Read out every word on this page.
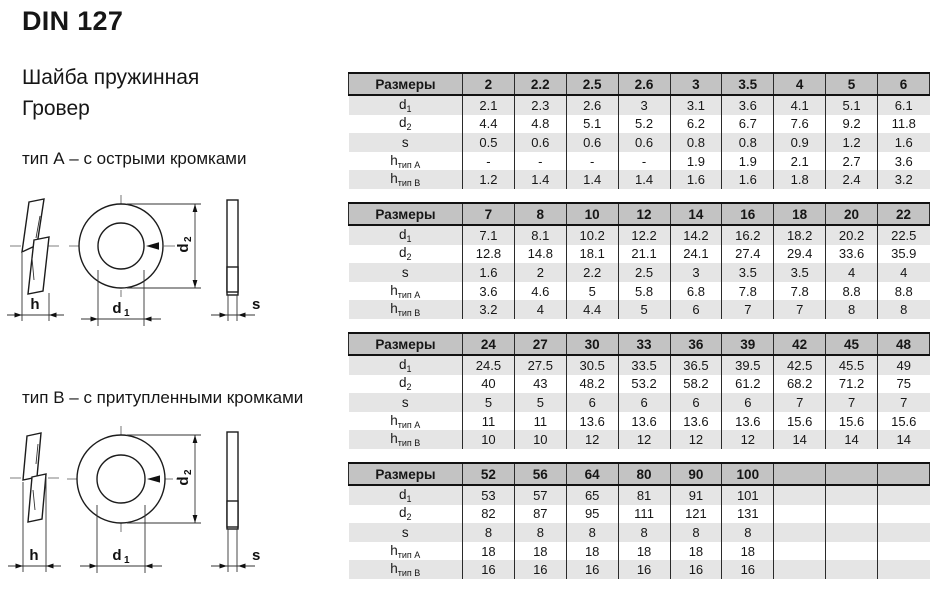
DIN 127
Шайба пружинная
Гровер
тип А – с острыми кромками
h
d
2
d 1
s
тип B – с притупленными кромками
h
d
2
d 1	s
Размеры	2	2.2	2.5	2.6	3	3.5	4	5	6
$d_1$	2.1	2.3	2.6	3	3.1	3.6	4.1	5.1	6.1
$d_2$	4.4	4.8	5.1	5.2	6.2	6.7	7.6	9.2	11.8
s	0.5	0.6	0.6	0.6	0.8	0.8	0.9	1.2	1.6
$h_{тип А}$	-	-	-	-	1.9	1.9	2.1	2.7	3.6
$h_{тип B}$	1.2	1.4	1.4	1.4	1.6	1.6	1.8	2.4	3.2
Размеры	7	8	10	12	14	16	18	20	22
$d_1$	7.1	8.1	10.2	12.2	14.2	16.2	18.2	20.2	22.5
$d_2$	12.8	14.8	18.1	21.1	24.1	27.4	29.4	33.6	35.9
s	1.6	2	2.2	2.5	3	3.5	3.5	4	4
$h_{тип А}$	3.6	4.6	5	5.8	6.8	7.8	7.8	8.8	8.8
$h_{тип B}$	3.2	4	4.4	5	6	7	7	8	8
Размеры	24	27	30	33	36	39	42	45	48
$d_1$	24.5	27.5	30.5	33.5	36.5	39.5	42.5	45.5	49
$d_2$	40	43	48.2	53.2	58.2	61.2	68.2	71.2	75
s	5	5	6	6	6	6	7	7	7
$h_{тип А}$	11	11	13.6	13.6	13.6	13.6	15.6	15.6	15.6
$h_{тип B}$	10	10	12	12	12	12	14	14	14
Размеры	52	56	64	80	90	100			
$d_1$	53	57	65	81	91	101			
$d_2$	82	87	95	111	121	131			
s	8	8	8	8	8	8			
$h_{тип А}$	18	18	18	18	18	18			
$h_{тип B}$	16	16	16	16	16	16			
